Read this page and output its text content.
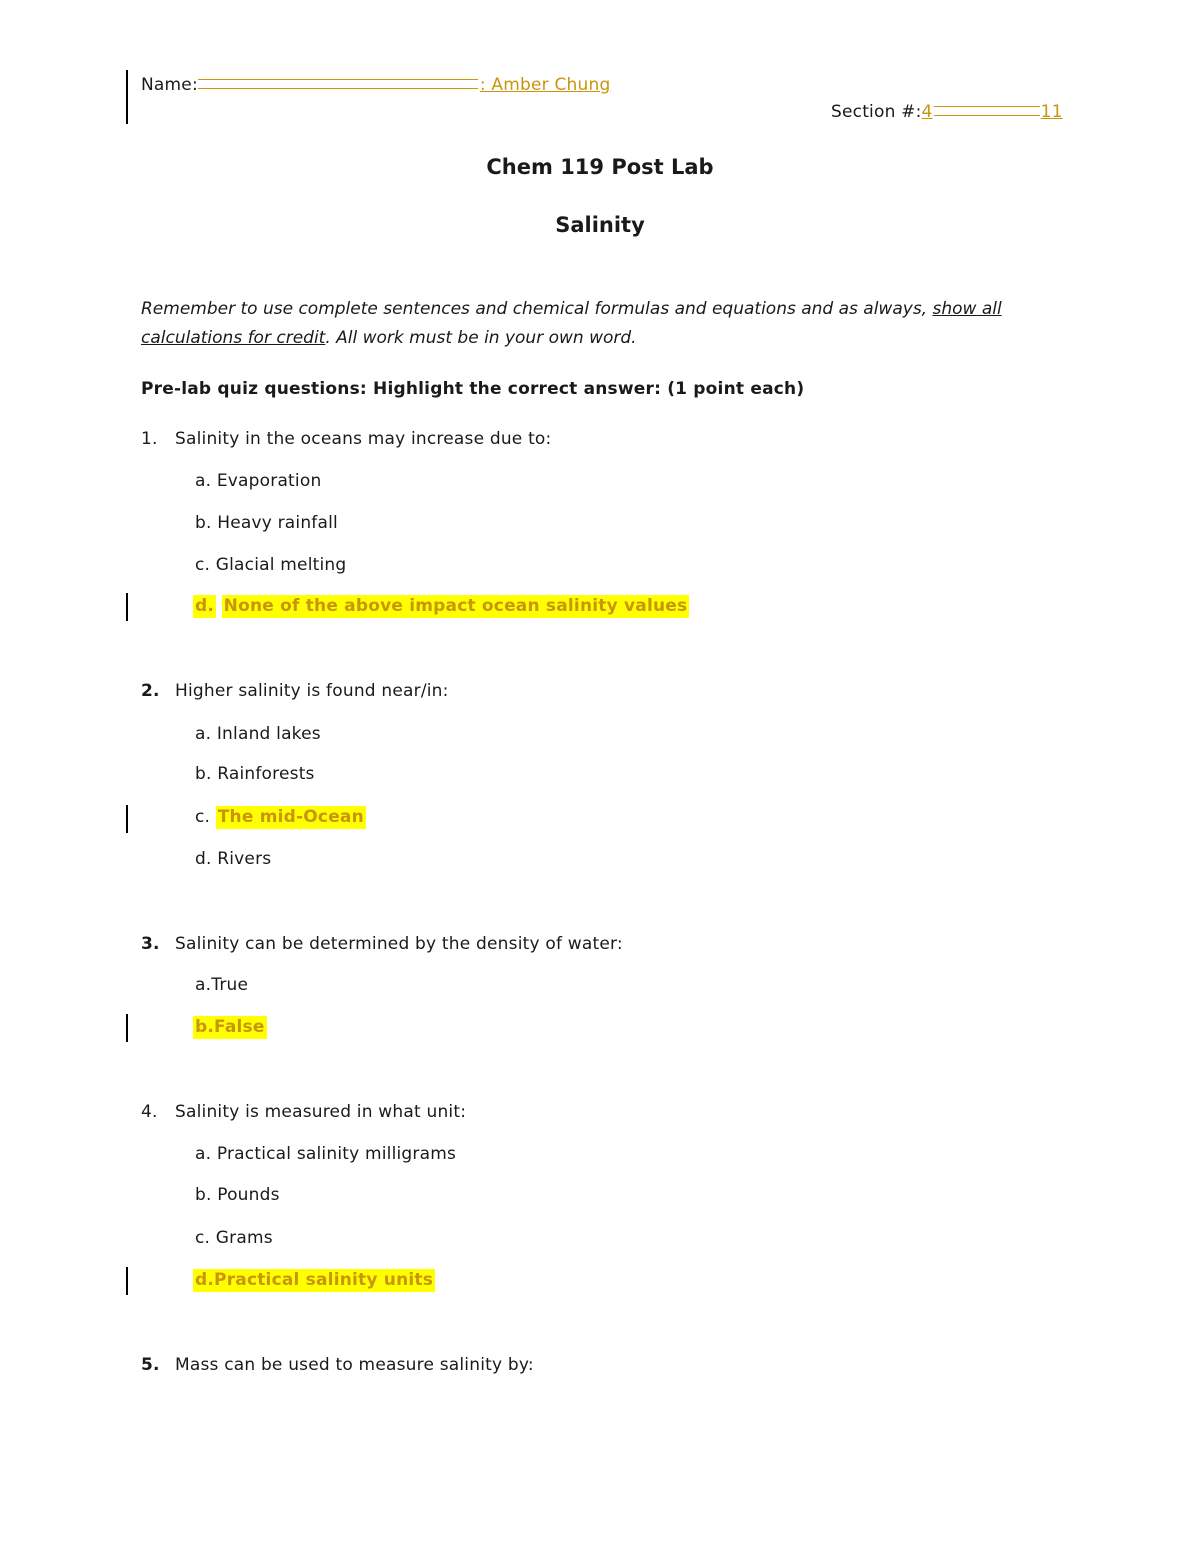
Name:	: Amber Chung
Section #:4	11
Chem 119 Post Lab
Salinity
Remember to use complete sentences and chemical formulas and equations and as always, show all
calculations for credit. All work must be in your own word.
Pre-lab quiz questions: Highlight the correct answer: (1 point each)
1. Salinity in the oceans may increase due to:
a. Evaporation
b. Heavy rainfall
c. Glacial melting
d. None of the above impact ocean salinity values
2. Higher salinity is found near/in:
a. Inland lakes
b. Rainforests
c. The mid-Ocean
d. Rivers
3. Salinity can be determined by the density of water:
a.True
b.False
4. Salinity is measured in what unit:
a. Practical salinity milligrams
b. Pounds
c. Grams
d.Practical salinity units
5. Mass can be used to measure salinity by:
